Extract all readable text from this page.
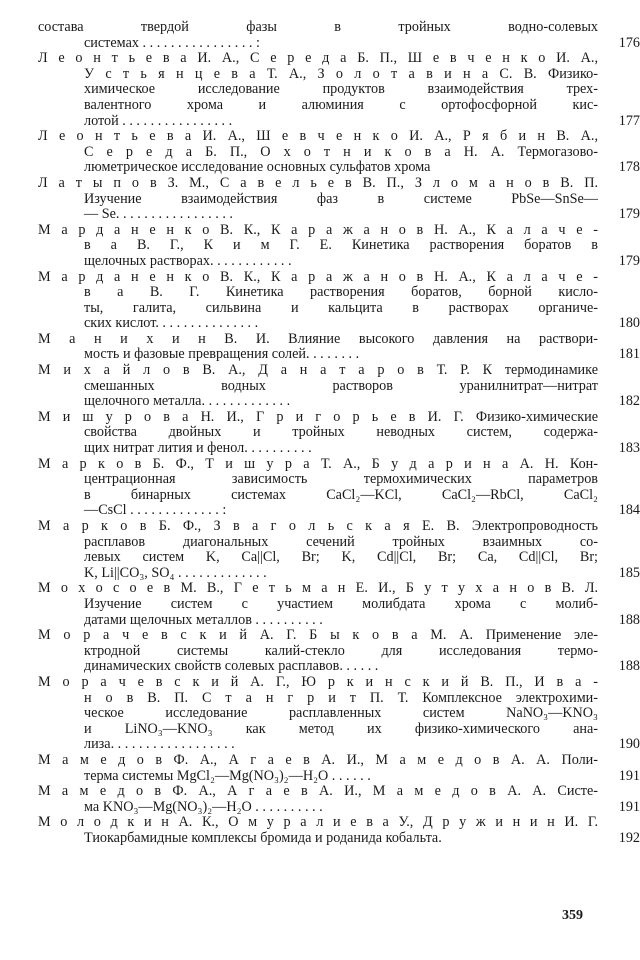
состава твердой фазы в тройных водно-солевых
системах . . . . . . . . . . . . . . . . :	176
Л е о н т ь е в а И. А., С е р е д а Б. П., Ш е в ч е н к о И. А.,
У с т ь я н ц е в а Т. А., З о л о т а в и н а С. В. Физико-
химическое исследование продуктов взаимодействия трех-
валентного хрома и алюминия с ортофосфорной кис-
лотой . . . . . . . . . . . . . . . .	177
Л е о н т ь е в а И. А., Ш е в ч е н к о И. А., Р я б и н В. А.,
С е р е д а Б. П., О х о т н и к о в а Н. А. Термогазово-
люмeтрическое исследование основных сульфатов хрома	178
Л а т ы п о в З. М., С а в е л ь е в В. П., З л о м а н о в В. П.
Изучение взаимодействия фаз в системе PbSe—SnSe—
— Se. . . . . . . . . . . . . . . . .	179
М а р д а н е н к о В. К., К а р а ж а н о в Н. А., К а л а ч е -
в а В. Г., К и м Г. Е. Кинетика растворения боратов в
щелочных растворах. . . . . . . . . . . .	179
М а р д а н е н к о В. К., К а р а ж а н о в Н. А., К а л а ч е -
в а В. Г. Кинетика растворения боратов, борной кисло-
ты, галита, сильвина и кальцита в растворах органиче-
ских кислот. . . . . . . . . . . . . . .	180
М а н и х и н В. И. Влияние высокого давления на раствори-
мость и фазовые превращения солей. . . . . . . .	181
М и х а й л о в В. А., Д а н а т а р о в Т. Р. К термодинамике
смешанных водных растворов уранилнитрат—нитрат
щелочного металла. . . . . . . . . . . . .	182
М и ш у р о в а Н. И., Г р и г о р ь е в И. Г. Физико-химические
свойства двойных и тройных неводных систем, содержа-
щих нитрат лития и фенол. . . . . . . . . .	183
М а р к о в Б. Ф., Т и ш у р а Т. А., Б у д а р и н а А. Н. Кон-
центрационная зависимость термохимических параметров
в бинарных системах CaCl₂—KCl, CaCl₂—RbCl, CaCl₂
—CsCl . . . . . . . . . . . . . :	184
М а р к о в Б. Ф., З в а г о л ь с к а я Е. В. Электропроводность
расплавов диагональных сечений тройных взаимных со-
левых систем K, Ca||Cl, Br; K, Cd||Cl, Br; Ca, Cd||Cl, Br;
K, Li||CO₃, SO₄ . . . . . . . . . . . . .	185
М о х о с о е в М. В., Г е т ь м а н Е. И., Б у т у х а н о в В. Л.
Изучение систем с участием молибдата хрома с молиб-
датами щелочных металлов . . . . . . . . . .	188
М о р а ч е в с к и й А. Г. Б ы к о в а М. А. Применение эле-
ктродной системы калий-стекло для исследования термо-
динамических свойств солевых расплавов. . . . . .	188
М о р а ч е в с к и й А. Г., Ю р к и н с к и й В. П., И в а -
н о в В. П. С т а н г р и т П. Т. Комплексное электрохими-
ческое исследование расплавленных систем NaNO₃—KNO₃
и LiNO₃—KNO₃ как метод их физико-химического ана-
лиза. . . . . . . . . . . . . . . . . .	190
М а м е д о в Ф. А., А г а е в А. И., М а м е д о в А. А. Поли-
терма системы MgCl₂—Mg(NO₃)₂—H₂O . . . . . .	191
М а м е д о в Ф. А., А г а е в А. И., М а м е д о в А. А. Систе-
ма KNO₃—Mg(NO₃)₂—H₂O . . . . . . . . . .	191
М о л о д к и н А. К., О м у р а л и е в а У., Д р у ж и н и н И. Г.
Тиокарбамидные комплексы бромида и роданида кобальта.	192
359
